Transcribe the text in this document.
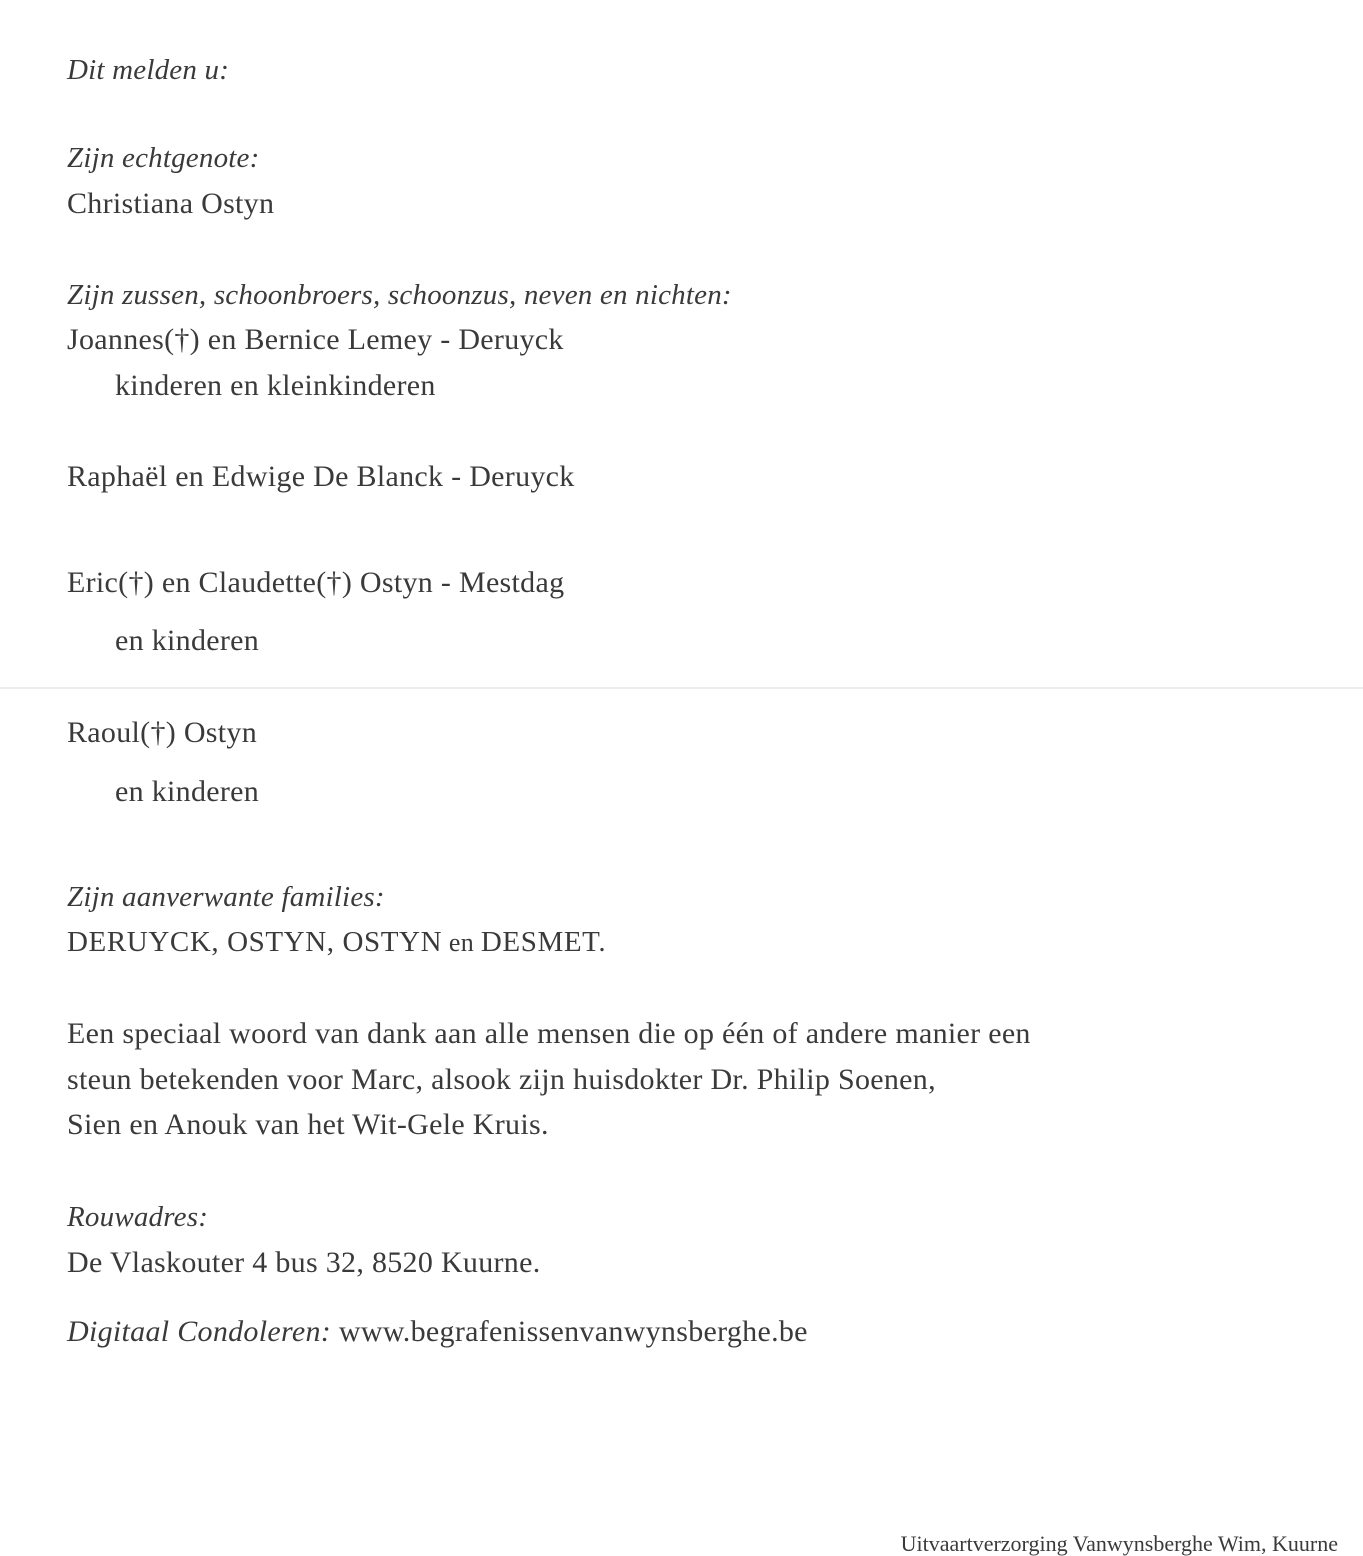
Dit melden u:
Zijn echtgenote:
Christiana Ostyn
Zijn zussen, schoonbroers, schoonzus, neven en nichten:
Joannes(†) en Bernice Lemey - Deruyck
kinderen en kleinkinderen
Raphaël en Edwige De Blanck - Deruyck
Eric(†) en Claudette(†) Ostyn - Mestdag
en kinderen
Raoul(†) Ostyn
en kinderen
Zijn aanverwante families:
DERUYCK, OSTYN, OSTYN en DESMET.
Een speciaal woord van dank aan alle mensen die op één of andere manier een
steun betekenden voor Marc, alsook zijn huisdokter Dr. Philip Soenen,
Sien en Anouk van het Wit-Gele Kruis.
Rouwadres:
De Vlaskouter 4 bus 32, 8520 Kuurne.
Digitaal Condoleren: www.begrafenissenvanwynsberghe.be
Uitvaartverzorging Vanwynsberghe Wim, Kuurne
